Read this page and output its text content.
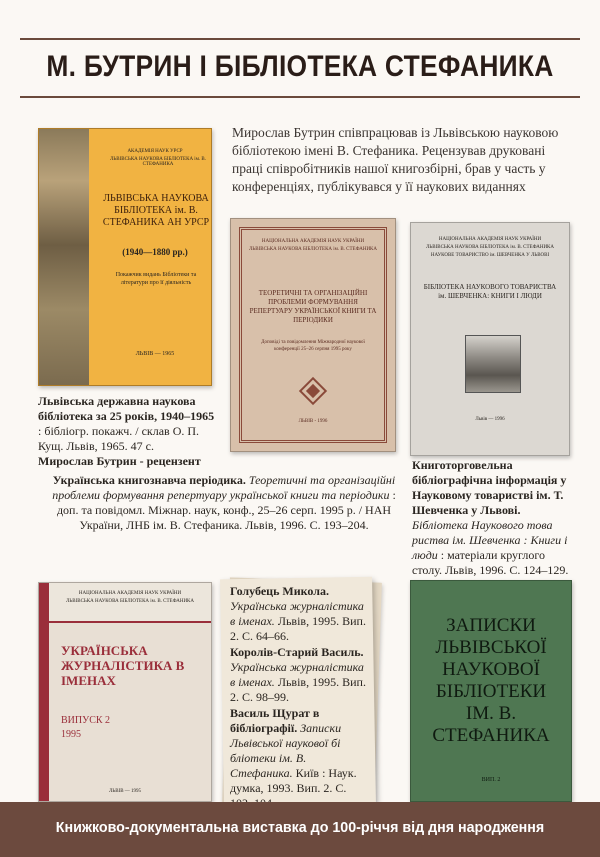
М. БУТРИН І БІБЛІОТЕКА СТЕФАНИКА
Мирослав Бутрин співпрацював із Львівською науковою бібліотекою імені В. Стефаника. Рецензував друковані праці співробітників нашої книгозбірні, брав у часть у конференціях, публікувався у її наукових виданнях
АКАДЕМІЯ НАУК УРСР
ЛЬВІВСЬКА НАУКОВА БІБЛІОТЕКА ім. В. СТЕФАНИКА
ЛЬВІВСЬКА НАУКОВА БІБЛІОТЕКА ім. В. СТЕФАНИКА АН УРСР
(1940—1880 рр.)
Покажчик видань Бібліотеки та літератури про її діяльність
ЛЬВІВ — 1965
Львівська державна наукова бібліотека за 25 років, 1940–1965 : бібліогр. покажч. / склав О. П. Кущ. Львів, 1965. 47 с.
Мирослав Бутрин - рецензент
НАЦІОНАЛЬНА АКАДЕМІЯ НАУК УКРАЇНИ
ЛЬВІВСЬКА НАУКОВА БІБЛІОТЕКА ім. В. СТЕФАНИКА
ТЕОРЕТИЧНІ ТА ОРГАНІЗАЦІЙНІ ПРОБЛЕМИ ФОРМУВАННЯ РЕПЕРТУАРУ УКРАЇНСЬКОЇ КНИГИ ТА ПЕРІОДИКИ
Доповіді та повідомлення Міжнародної наукової конференції 25–26 серпня 1995 року
ЛЬВІВ - 1996
Українська книгознавча періодика. Теоретичні та організаційні проблеми формування репертуару української книги та періодики : доп. та повідомл. Міжнар. наук, конф., 25–26 серп. 1995 р. / НАН України, ЛНБ ім. В. Стефаника. Львів, 1996. С. 193–204.
НАЦІОНАЛЬНА АКАДЕМІЯ НАУК УКРАЇНИ
ЛЬВІВСЬКА НАУКОВА БІБЛІОТЕКА ім. В. СТЕФАНИКА
НАУКОВЕ ТОВАРИСТВО ім. ШЕВЧЕНКА У ЛЬВОВІ
БІБЛІОТЕКА НАУКОВОГО ТОВАРИСТВА ім. ШЕВЧЕНКА: КНИГИ І ЛЮДИ
Львів — 1996
Книготорговельна бібліографічна інформація у Науковому товаристві ім. Т. Шевченка у Львові. Бібліотека Наукового това риства ім. Шевченка : Книги і люди : матеріали круглого столу. Львів, 1996. С. 124–129.
НАЦІОНАЛЬНА АКАДЕМІЯ НАУК УКРАЇНИ
ЛЬВІВСЬКА НАУКОВА БІБЛІОТЕКА ім. В. СТЕФАНИКА
УКРАЇНСЬКА ЖУРНАЛІСТИКА В ІМЕНАХ
ВИПУСК 2
1995
ЛЬВІВ — 1995
Голубець Микола.
Українська журналістика в іменах. Львів, 1995. Вип. 2. С. 64–66.
Королів-Старий Василь.
Українська журналістика в іменах. Львів, 1995. Вип. 2. С. 98–99.
Василь Щурат в бібліографії. Записки Львівської наукової бі бліотеки ім. В. Стефаника. Київ : Наук. думка, 1993. Вип. 2. С.
ЗАПИСКИ ЛЬВІВСЬКОЇ НАУКОВОЇ БІБЛІОТЕКИ ІМ. В. СТЕФАНИКА
ВИП. 2
Книжково-документальна виставка до 100-річчя від дня народження
